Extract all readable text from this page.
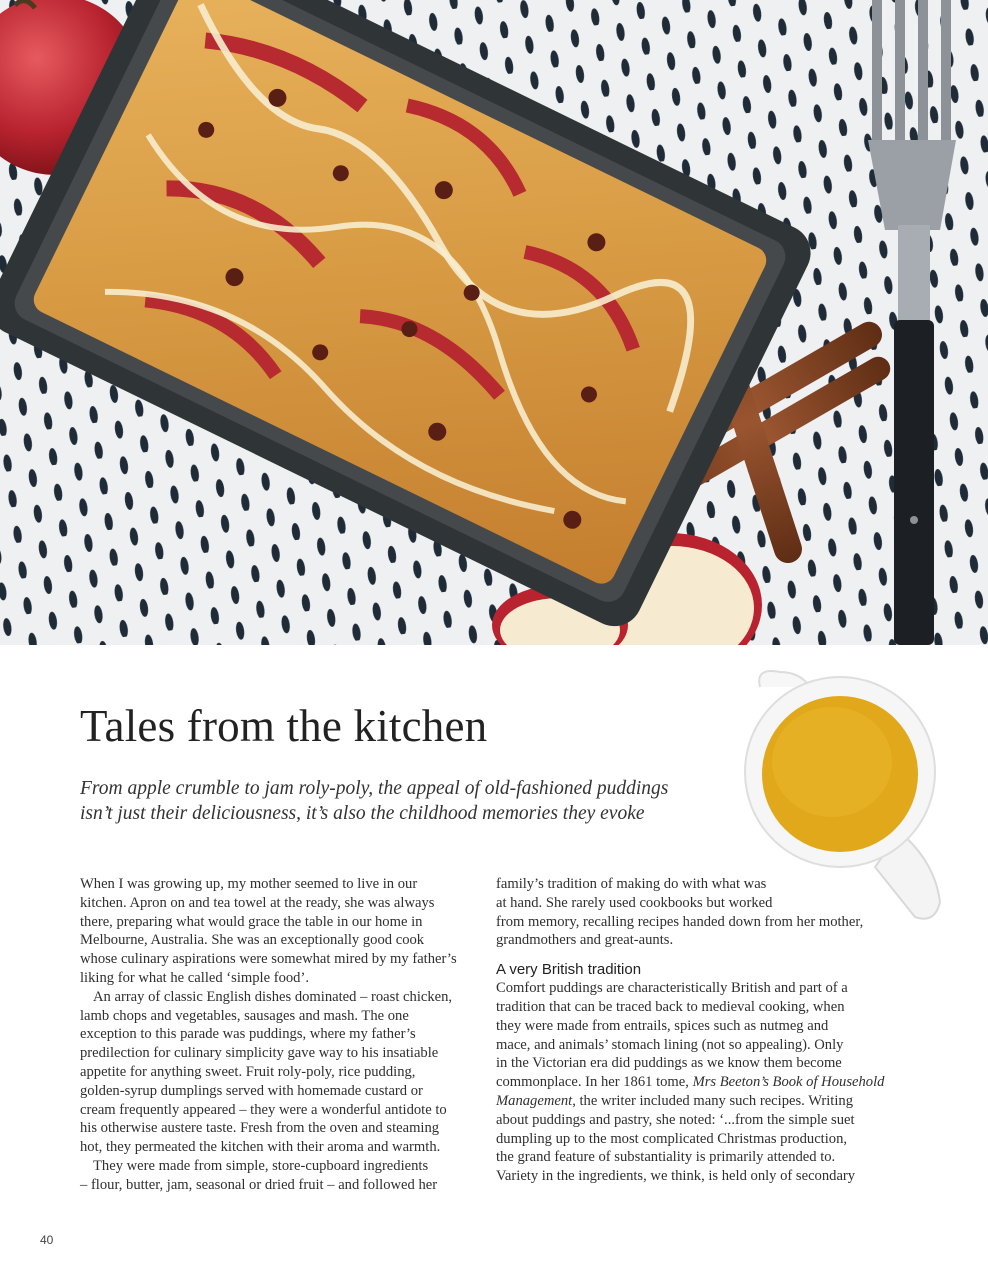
Tales from the kitchen

From apple crumble to jam roly-poly, the appeal of old-fashioned puddings
isn’t just their deliciousness, it’s also the childhood memories they evoke

When I was growing up, my mother seemed to live in our
kitchen. Apron on and tea towel at the ready, she was always
there, preparing what would grace the table in our home in
Melbourne, Australia. She was an exceptionally good cook
whose culinary aspirations were somewhat mired by my father’s
liking for what he called ‘simple food’.
An array of classic English dishes dominated – roast chicken,
lamb chops and vegetables, sausages and mash. The one
exception to this parade was puddings, where my father’s
predilection for culinary simplicity gave way to his insatiable
appetite for anything sweet. Fruit roly-poly, rice pudding,
golden-syrup dumplings served with homemade custard or
cream frequently appeared – they were a wonderful antidote to
his otherwise austere taste. Fresh from the oven and steaming
hot, they permeated the kitchen with their aroma and warmth.
They were made from simple, store-cupboard ingredients
– flour, butter, jam, seasonal or dried fruit – and followed her
family’s tradition of making do with what was
at hand. She rarely used cookbooks but worked
from memory, recalling recipes handed down from her mother,
grandmothers and great-aunts.
A very British tradition
Comfort puddings are characteristically British and part of a
tradition that can be traced back to medieval cooking, when
they were made from entrails, spices such as nutmeg and
mace, and animals’ stomach lining (not so appealing). Only
in the Victorian era did puddings as we know them become
commonplace. In her 1861 tome, Mrs Beeton’s Book of Household
Management, the writer included many such recipes. Writing
about puddings and pastry, she noted: ‘...from the simple suet
dumpling up to the most complicated Christmas production,
the grand feature of substantiality is primarily attended to.
Variety in the ingredients, we think, is held only of secondary
40
